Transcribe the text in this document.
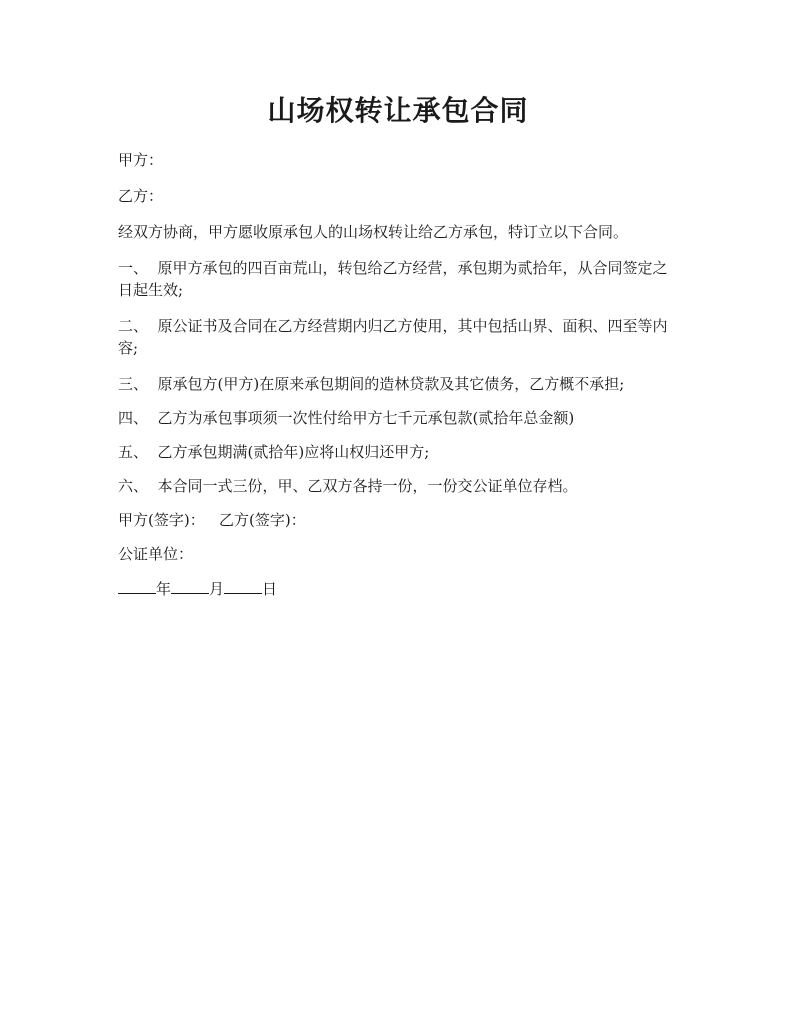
山场权转让承包合同

甲方：

乙方：

经双方协商，甲方愿收原承包人的山场权转让给乙方承包，特订立以下合同。

一、  原甲方承包的四百亩荒山，转包给乙方经营，承包期为贰拾年，从合同签定之日起生效;

二、  原公证书及合同在乙方经营期内归乙方使用，其中包括山界、面积、四至等内容;

三、  原承包方(甲方)在原来承包期间的造林贷款及其它债务，乙方概不承担;

四、  乙方为承包事项须一次性付给甲方七千元承包款(贰拾年总金额)

五、  乙方承包期满(贰拾年)应将山权归还甲方;

六、  本合同一式三份，甲、乙双方各持一份，一份交公证单位存档。

甲方(签字)：   乙方(签字)：

公证单位：

年	月	日
